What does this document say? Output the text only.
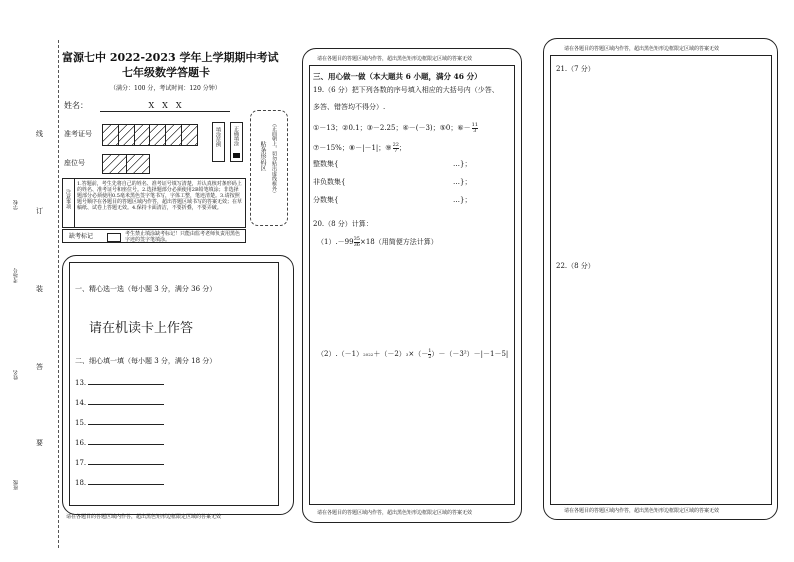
线
订
装
答
要
学校
考场号
姓名
班级
富源七中 2022-2023 学年上学期期中考试
七年级数学答题卡
（满分：100 分，考试时间：120 分钟）
姓名：	X　X　X
准考证号
座位号
填涂范例 正确填涂
贴条形码区 （正面朝上，切勿贴出虚线框外）
注意事项
1.答题前，考生先将自己的姓名、准考证号填写清楚，并认真核对条形码上的姓名、准考证号和座位号。2.选择题部分必须使用2B铅笔填涂；非选择题部分必须使用0.5毫米黑色签字笔书写，字体工整，笔迹清楚。3.请按照题号顺序在各题目的答题区域内作答，超出答题区域书写的答案无效；在草稿纸、试卷上答题无效。4.保持卡面清洁，不要折叠，不要弄破。
缺考标记	考生禁止填涂缺考标记！只能由监考老师负责用黑色字迹的签字笔填涂。
一、精心选一选（每小题 3 分，满分 36 分）
请在机读卡上作答
二、细心填一填（每小题 3 分，满分 18 分）
13.
14.
15.
16.
17.
18.
请在各题目的答题区域内作答，超出黑色矩形边框限定区域的答案无效
请在各题目的答题区域内作答，超出黑色矩形边框限定区域的答案无效
三、用心做一做（本大题共 6 小题，满分 46 分）
19.（6 分）把下列各数的序号填入相应的大括号内（少答、
多答、错答均不得分）.
①－13；②0.1；③－2.25；④－(－3)；⑤0；⑥－ 11
3
⑦－15%；⑧－|－1|；⑨ 22
7 ；
整数集{	…}；
非负数集{	…}；
分数集{	…}；
20.（8 分）计算：
$(1).-99 \frac{35}{36} \times 18$（用简便方法计算）
（2）.（－1） 2022 ＋（－2） 3 ×（－ 1
2 ）－（－3²）－|－1－5|
请在各题目的答题区域内作答，超出黑色矩形边框限定区域的答案无效
请在各题目的答题区域内作答，超出黑色矩形边框限定区域的答案无效
21.（7 分）
22.（8 分）
请在各题目的答题区域内作答，超出黑色矩形边框限定区域的答案无效
